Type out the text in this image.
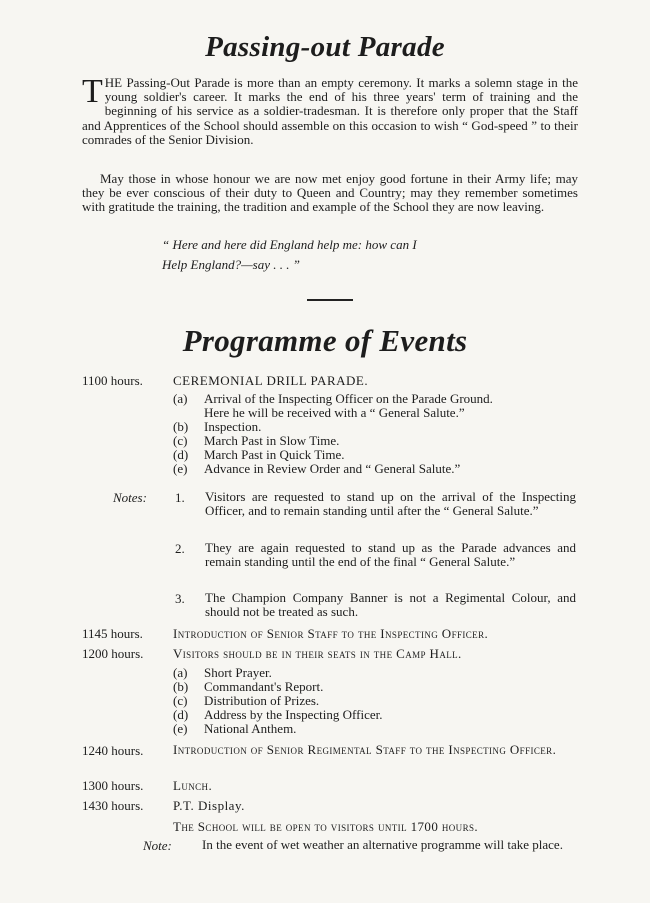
Passing-out Parade

THE Passing-Out Parade is more than an empty ceremony. It marks a solemn stage in the young soldier's career. It marks the end of his three years' term of training and the beginning of his service as a soldier-tradesman. It is therefore only proper that the Staff and Apprentices of the School should assemble on this occasion to wish “ God-speed ” to their comrades of the Senior Division.

May those in whose honour we are now met enjoy good fortune in their Army life; may they be ever conscious of their duty to Queen and Country; may they remember sometimes with gratitude the training, the tradition and example of the School they are now leaving.

“ Here and here did England help me: how can I

Help England?—say . . . ”

Programme of Events
1100 hours. CEREMONIAL DRILL PARADE.
(a) Arrival of the Inspecting Officer on the Parade Ground.
Here he will be received with a “ General Salute.”
(b) Inspection.
(c) March Past in Slow Time.
(d) March Past in Quick Time.
(e) Advance in Review Order and “ General Salute.”
Notes: 1. Visitors are requested to stand up on the arrival of the Inspecting Officer, and to remain standing until after the “ General Salute.”
2. They are again requested to stand up as the Parade advances and remain standing until the end of the final “ General Salute.”
3. The Champion Company Banner is not a Regimental Colour, and should not be treated as such.
1145 hours. Introduction of Senior Staff to the Inspecting Officer.
1200 hours. Visitors should be in their seats in the Camp Hall.
(a) Short Prayer.
(b) Commandant's Report.
(c) Distribution of Prizes.
(d) Address by the Inspecting Officer.
(e) National Anthem.
1240 hours. Introduction of Senior Regimental Staff to the Inspecting Officer.
1300 hours. Lunch.
1430 hours. P.T. Display.
The School will be open to visitors until 1700 hours.
Note: In the event of wet weather an alternative programme will take place.
